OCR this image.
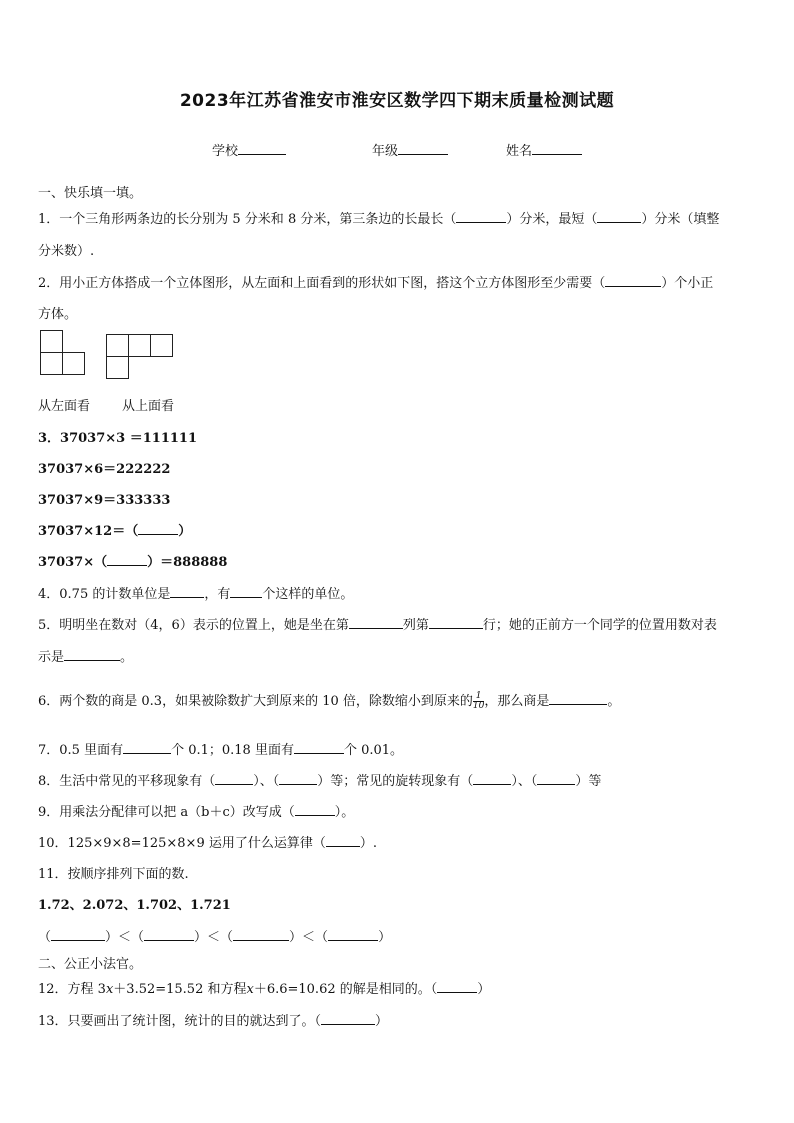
2023年江苏省淮安市淮安区数学四下期末质量检测试题
学校	年级	姓名
一、快乐填一填。
1．一个三角形两条边的长分别为 5 分米和 8 分米，第三条边的长最长（	）分米，最短（	）分米（填整
分米数）.
2．用小正方体搭成一个立体图形，从左面和上面看到的形状如下图，搭这个立方体图形至少需要（	）个小正
方体。
从左面看 从上面看
3．37037×3 ＝111111
37037×6＝222222
37037×9＝333333
37037×12＝（	）
37037×（	）＝888888
4．0.75 的计数单位是	，有 个这样的单位。
5．明明坐在数对（4，6）表示的位置上，她是坐在第	列第	行；她的正前方一个同学的位置用数对表
示是	。
6．两个数的商是 0.3，如果被除数扩大到原来的 10 倍，除数缩小到原来的 $\frac{1}{10}$ ，那么商是	。
7．0.5 里面有	个 0.1；0.18 里面有	个 0.01。
8．生活中常见的平移现象有（	）、（	）等；常见的旋转现象有（	）、（	）等
9．用乘法分配律可以把 a（b＋c）改写成（	）。
10．125×9×8=125×8×9 运用了什么运算律（	）.
11．按顺序排列下面的数.
1.72、2.072、1.702、1.721
（	）＜（	）＜（	）＜（	）
二、公正小法官。
12．方程 3x＋3.52=15.52 和方程x＋6.6=10.62 的解是相同的。（	）
13．只要画出了统计图，统计的目的就达到了。（	）
